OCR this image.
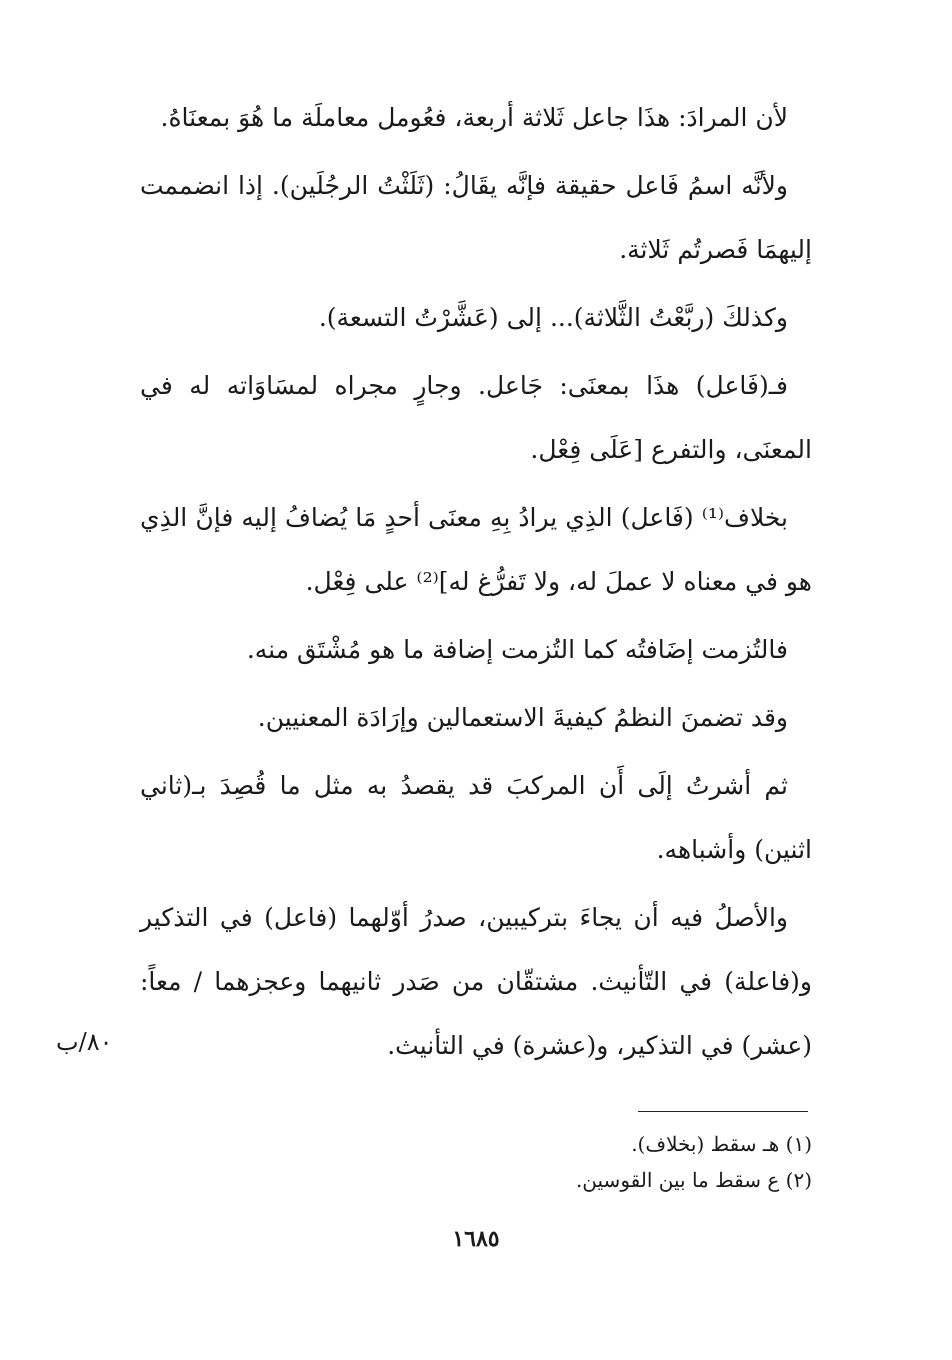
لأن المرادَ: هذَا جاعل ثَلاثة أربعة، فعُومل معاملَة ما هُوَ بمعنَاهُ.

ولأنَّه اسمُ فَاعل حقيقة فإنَّه يقَالُ: (ثَلَثْتُ الرجُلَين). إذا انضممت إليهمَا فَصرتُم ثَلاثة.

وكذلكَ (ربَّعْتُ الثَّلاثة)... إلى (عَشَّرْتُ التسعة).

فـ(فَاعل) هذَا بمعنَى: جَاعل. وجارٍ مجراه لمسَاوَاته له في المعنَى، والتفرع [عَلَى فِعْل.

بخلاف⁽¹⁾ (فَاعل) الذِي يرادُ بِهِ معنَى أحدٍ مَا يُضافُ إليه فإنَّ الذِي هو في معناه لا عملَ له، ولا تَفرُّغ له]⁽²⁾ على فِعْل.

فالتُزمت إضَافتُه كما التُزمت إضافة ما هو مُشْتَق منه.

وقد تضمنَ النظمُ كيفيةَ الاستعمالين وإرَادَة المعنيين.

ثم أشرتُ إلَى أَن المركبَ قد يقصدُ به مثل ما قُصِدَ بـ(ثاني اثنين) وأشباهه.

والأصلُ فيه أن يجاءَ بتركيبين، صدرُ أوّلهما (فاعل) في التذكير و(فاعلة) في التّأنيث. مشتقّان من صَدر ثانيهما وعجزهما / معاً: (عشر) في التذكير، و(عشرة) في التأنيث.

٨٠/ب

(١) هـ سقط (بخلاف).

(٢) ع سقط ما بين القوسين.

١٦٨٥
